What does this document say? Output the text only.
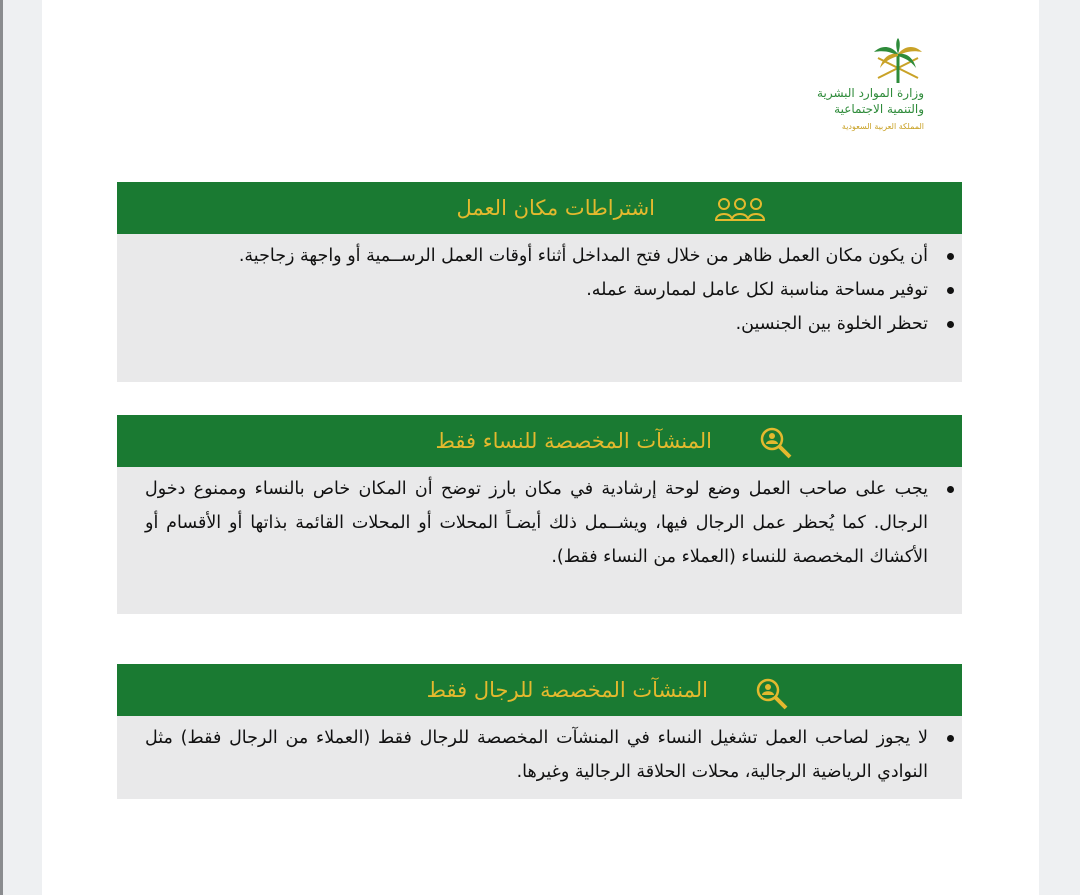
وزارة الموارد البشرية
والتنمية الاجتماعية
المملكة العربية السعودية
اشتراطات مكان العمل
أن يكون مكان العمل ظاهر من خلال فتح المداخل أثناء أوقات العمل الرســمية أو واجهة زجاجية.
توفير مساحة مناسبة لكل عامل لممارسة عمله.
تحظر الخلوة بين الجنسين.
المنشآت المخصصة للنساء فقط
يجب على صاحب العمل وضع لوحة إرشادية في مكان بارز توضح أن المكان خاص بالنساء وممنوع دخول الرجال. كما يُحظر عمل الرجال فيها، ويشــمل ذلك أيضـاً المحلات أو المحلات القائمة بذاتها أو الأقسام أو الأكشاك المخصصة للنساء (العملاء من النساء فقط).
المنشآت المخصصة للرجال فقط
لا يجوز لصاحب العمل تشغيل النساء في المنشآت المخصصة للرجال فقط (العملاء من الرجال فقط) مثل النوادي الرياضية الرجالية، محلات الحلاقة الرجالية وغيرها.
